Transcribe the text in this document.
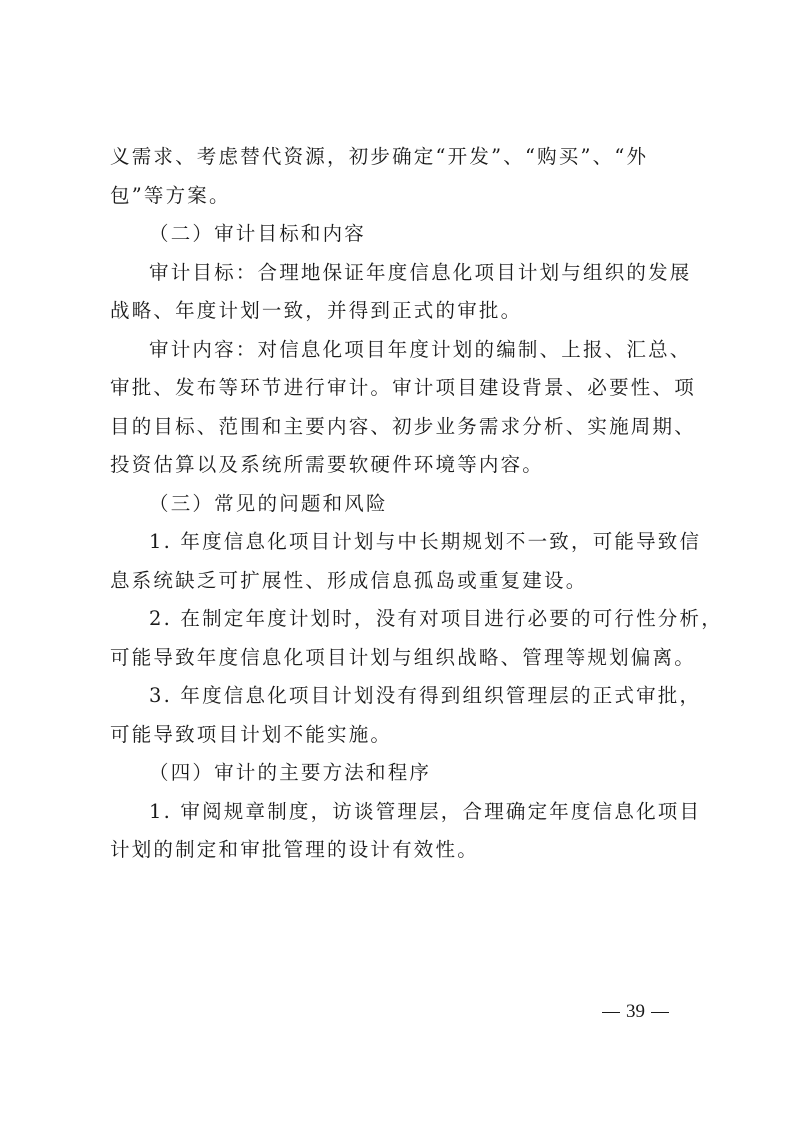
义需求、考虑替代资源，初步确定“开发”、“购买”、“外
包”等方案。
（二）审计目标和内容
审计目标：合理地保证年度信息化项目计划与组织的发展
战略、年度计划一致，并得到正式的审批。
审计内容：对信息化项目年度计划的编制、上报、汇总、
审批、发布等环节进行审计。审计项目建设背景、必要性、项
目的目标、范围和主要内容、初步业务需求分析、实施周期、
投资估算以及系统所需要软硬件环境等内容。
（三）常见的问题和风险
1. 年度信息化项目计划与中长期规划不一致，可能导致信
息系统缺乏可扩展性、形成信息孤岛或重复建设。
2. 在制定年度计划时，没有对项目进行必要的可行性分析，
可能导致年度信息化项目计划与组织战略、管理等规划偏离。
3. 年度信息化项目计划没有得到组织管理层的正式审批，
可能导致项目计划不能实施。
（四）审计的主要方法和程序
1. 审阅规章制度，访谈管理层，合理确定年度信息化项目
计划的制定和审批管理的设计有效性。
39
